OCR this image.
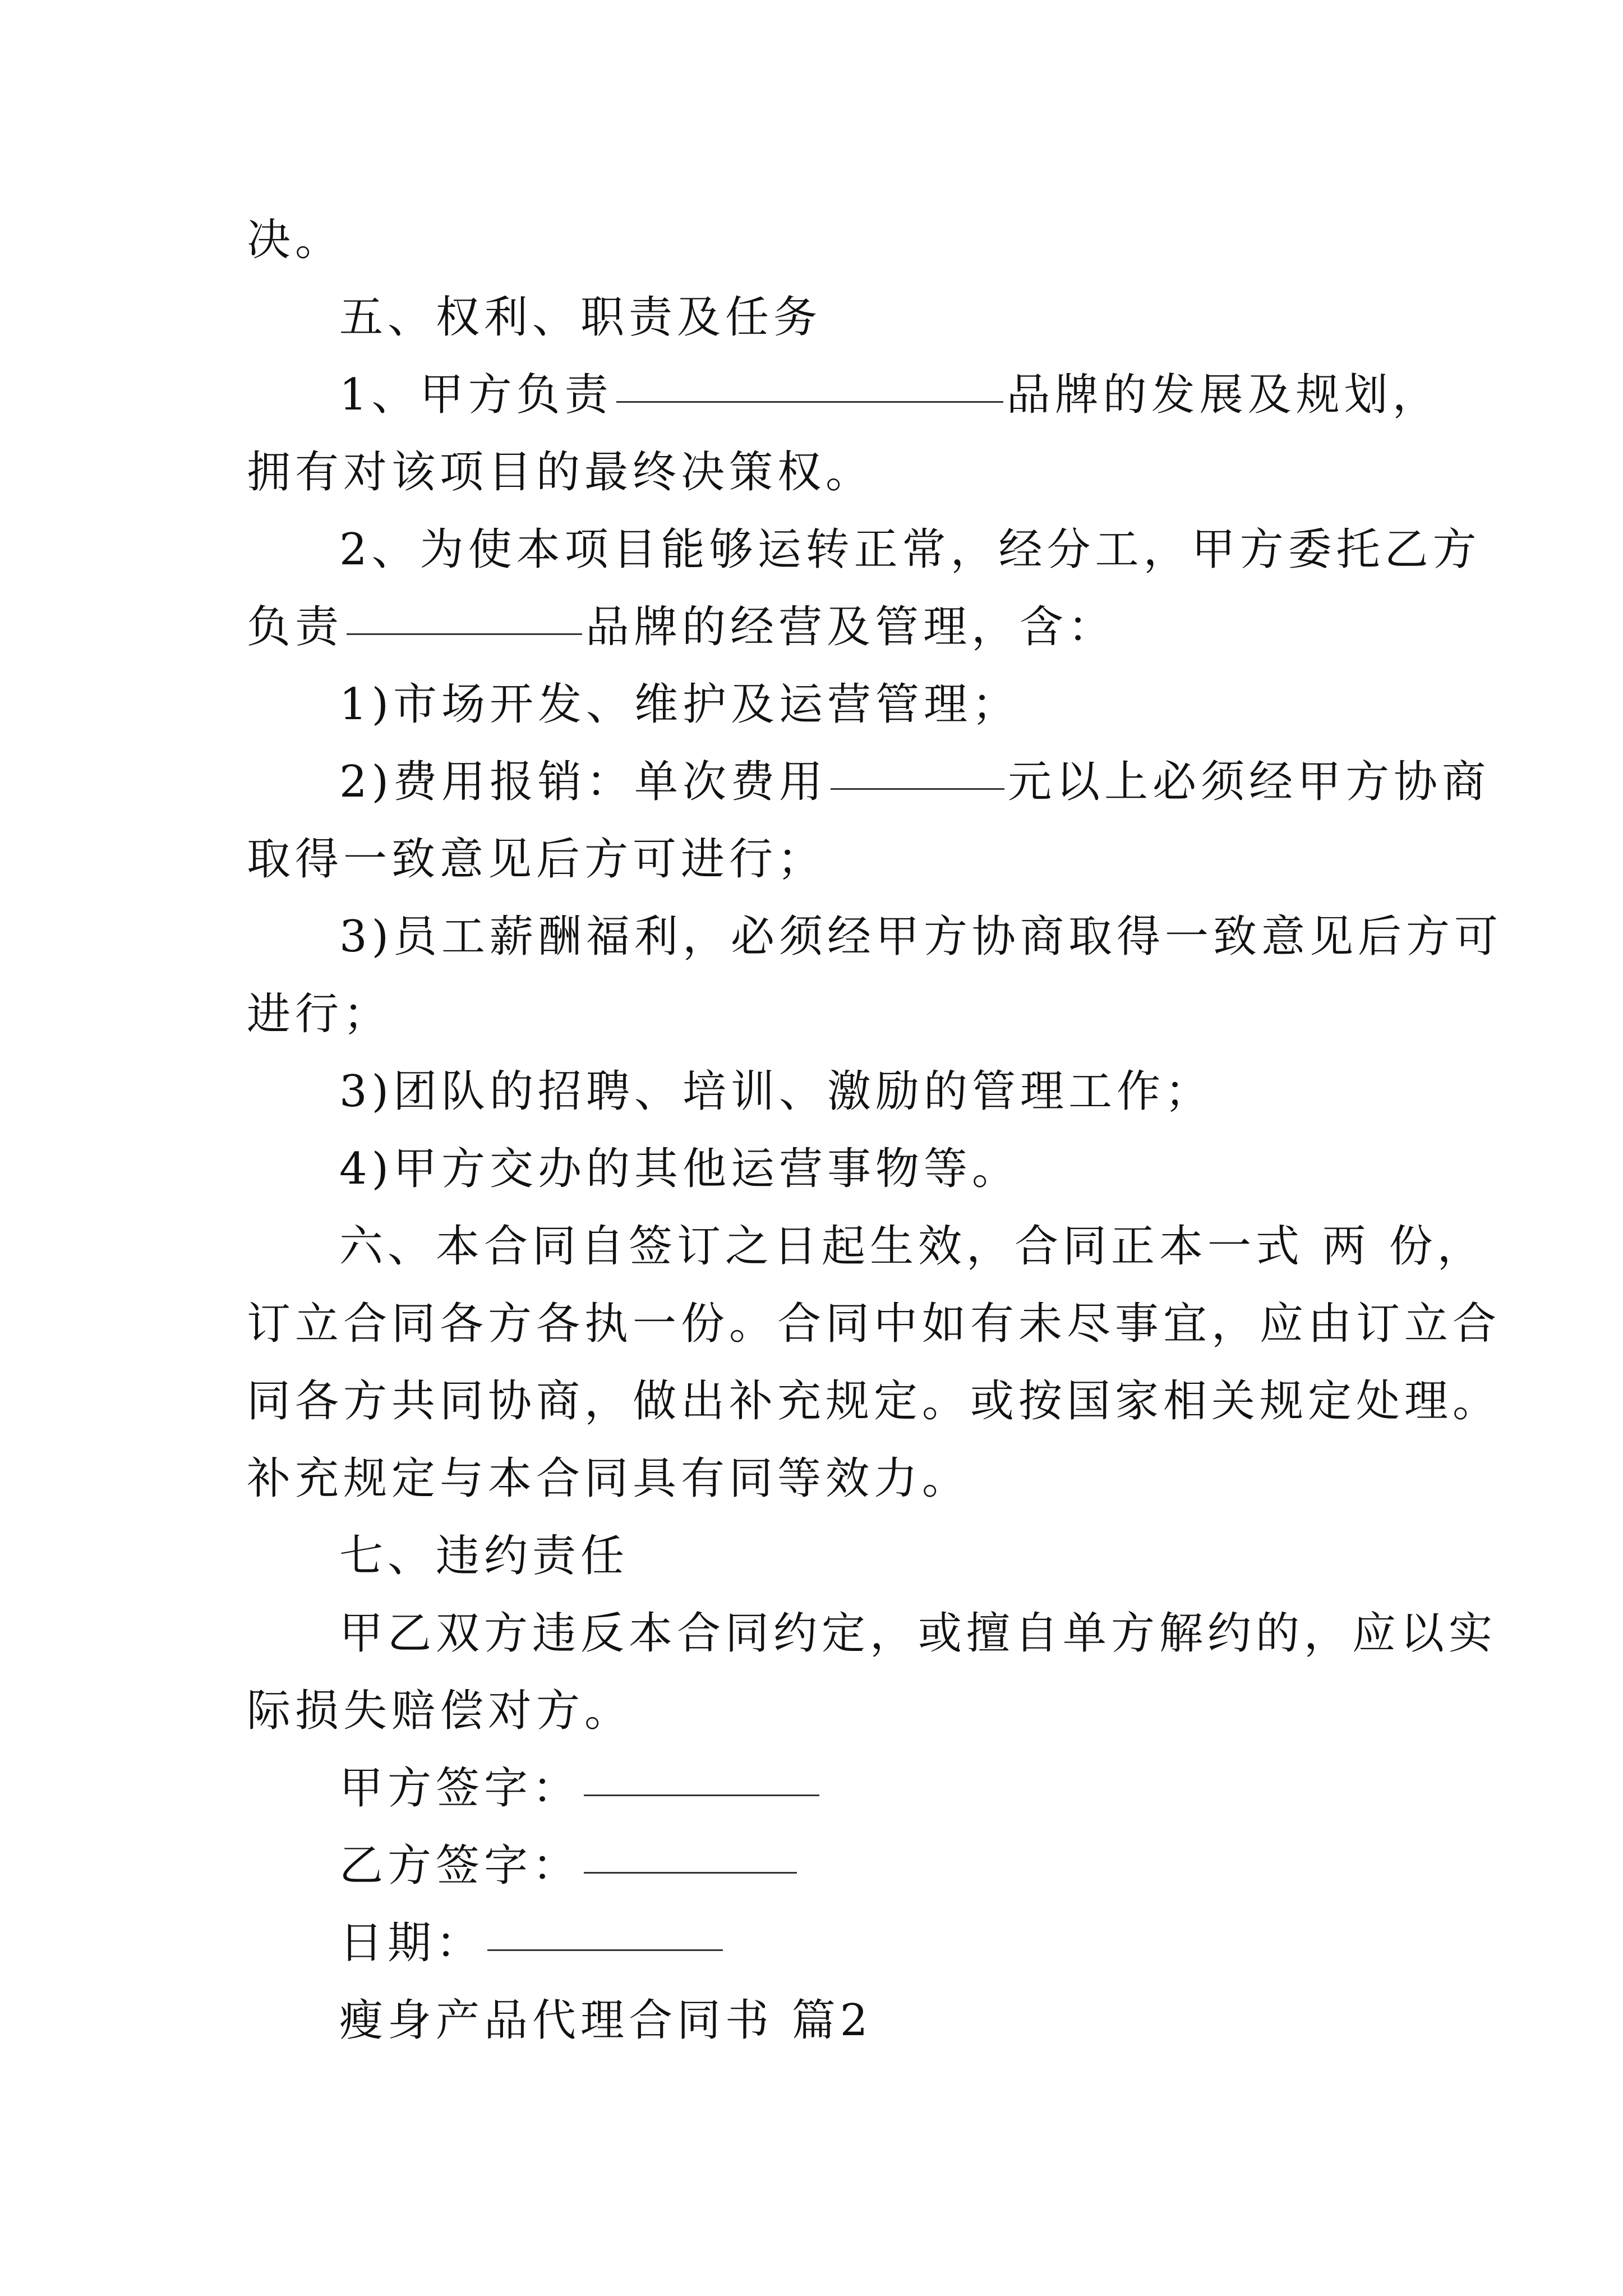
决。
五、权利、职责及任务
1、甲方负责	品牌的发展及规划，
拥有对该项目的最终决策权。
2、为使本项目能够运转正常，经分工，甲方委托乙方
负责	品牌的经营及管理，含：
1)市场开发、维护及运营管理；
2)费用报销：单次费用	元以上必须经甲方协商
取得一致意见后方可进行；
3)员工薪酬福利，必须经甲方协商取得一致意见后方可
进行；
3)团队的招聘、培训、激励的管理工作；
4)甲方交办的其他运营事物等。
六、本合同自签订之日起生效，合同正本一式 两 份，
订立合同各方各执一份。合同中如有未尽事宜，应由订立合
同各方共同协商，做出补充规定。或按国家相关规定处理。
补充规定与本合同具有同等效力。
七、违约责任
甲乙双方违反本合同约定，或擅自单方解约的，应以实
际损失赔偿对方。
甲方签字：
乙方签字：
日期：
瘦身产品代理合同书 篇2
